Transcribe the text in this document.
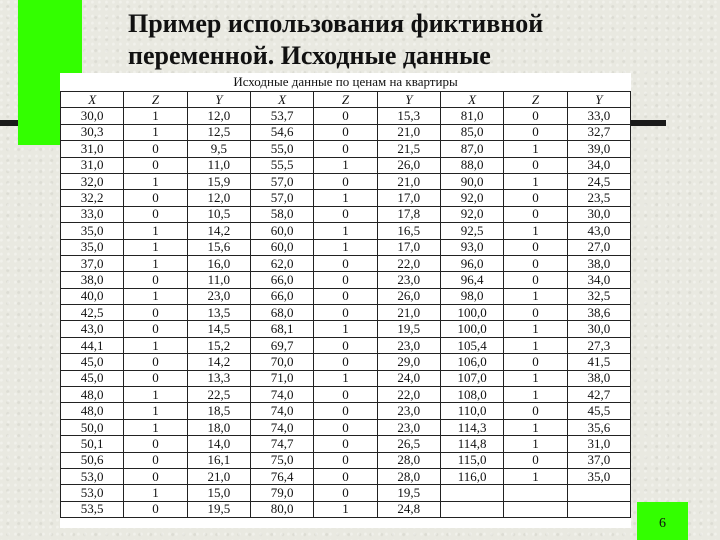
Пример использования фиктивной переменной. Исходные данные
Исходные данные по ценам на квартиры
X	Z	Y	X	Z	Y	X	Z	Y
30,0	1	12,0	53,7	0	15,3	81,0	0	33,0
30,3	1	12,5	54,6	0	21,0	85,0	0	32,7
31,0	0	9,5	55,0	0	21,5	87,0	1	39,0
31,0	0	11,0	55,5	1	26,0	88,0	0	34,0
32,0	1	15,9	57,0	0	21,0	90,0	1	24,5
32,2	0	12,0	57,0	1	17,0	92,0	0	23,5
33,0	0	10,5	58,0	0	17,8	92,0	0	30,0
35,0	1	14,2	60,0	1	16,5	92,5	1	43,0
35,0	1	15,6	60,0	1	17,0	93,0	0	27,0
37,0	1	16,0	62,0	0	22,0	96,0	0	38,0
38,0	0	11,0	66,0	0	23,0	96,4	0	34,0
40,0	1	23,0	66,0	0	26,0	98,0	1	32,5
42,5	0	13,5	68,0	0	21,0	100,0	0	38,6
43,0	0	14,5	68,1	1	19,5	100,0	1	30,0
44,1	1	15,2	69,7	0	23,0	105,4	1	27,3
45,0	0	14,2	70,0	0	29,0	106,0	0	41,5
45,0	0	13,3	71,0	1	24,0	107,0	1	38,0
48,0	1	22,5	74,0	0	22,0	108,0	1	42,7
48,0	1	18,5	74,0	0	23,0	110,0	0	45,5
50,0	1	18,0	74,0	0	23,0	114,3	1	35,6
50,1	0	14,0	74,7	0	26,5	114,8	1	31,0
50,6	0	16,1	75,0	0	28,0	115,0	0	37,0
53,0	0	21,0	76,4	0	28,0	116,0	1	35,0
53,0	1	15,0	79,0	0	19,5			
53,5	0	19,5	80,0	1	24,8			
6
